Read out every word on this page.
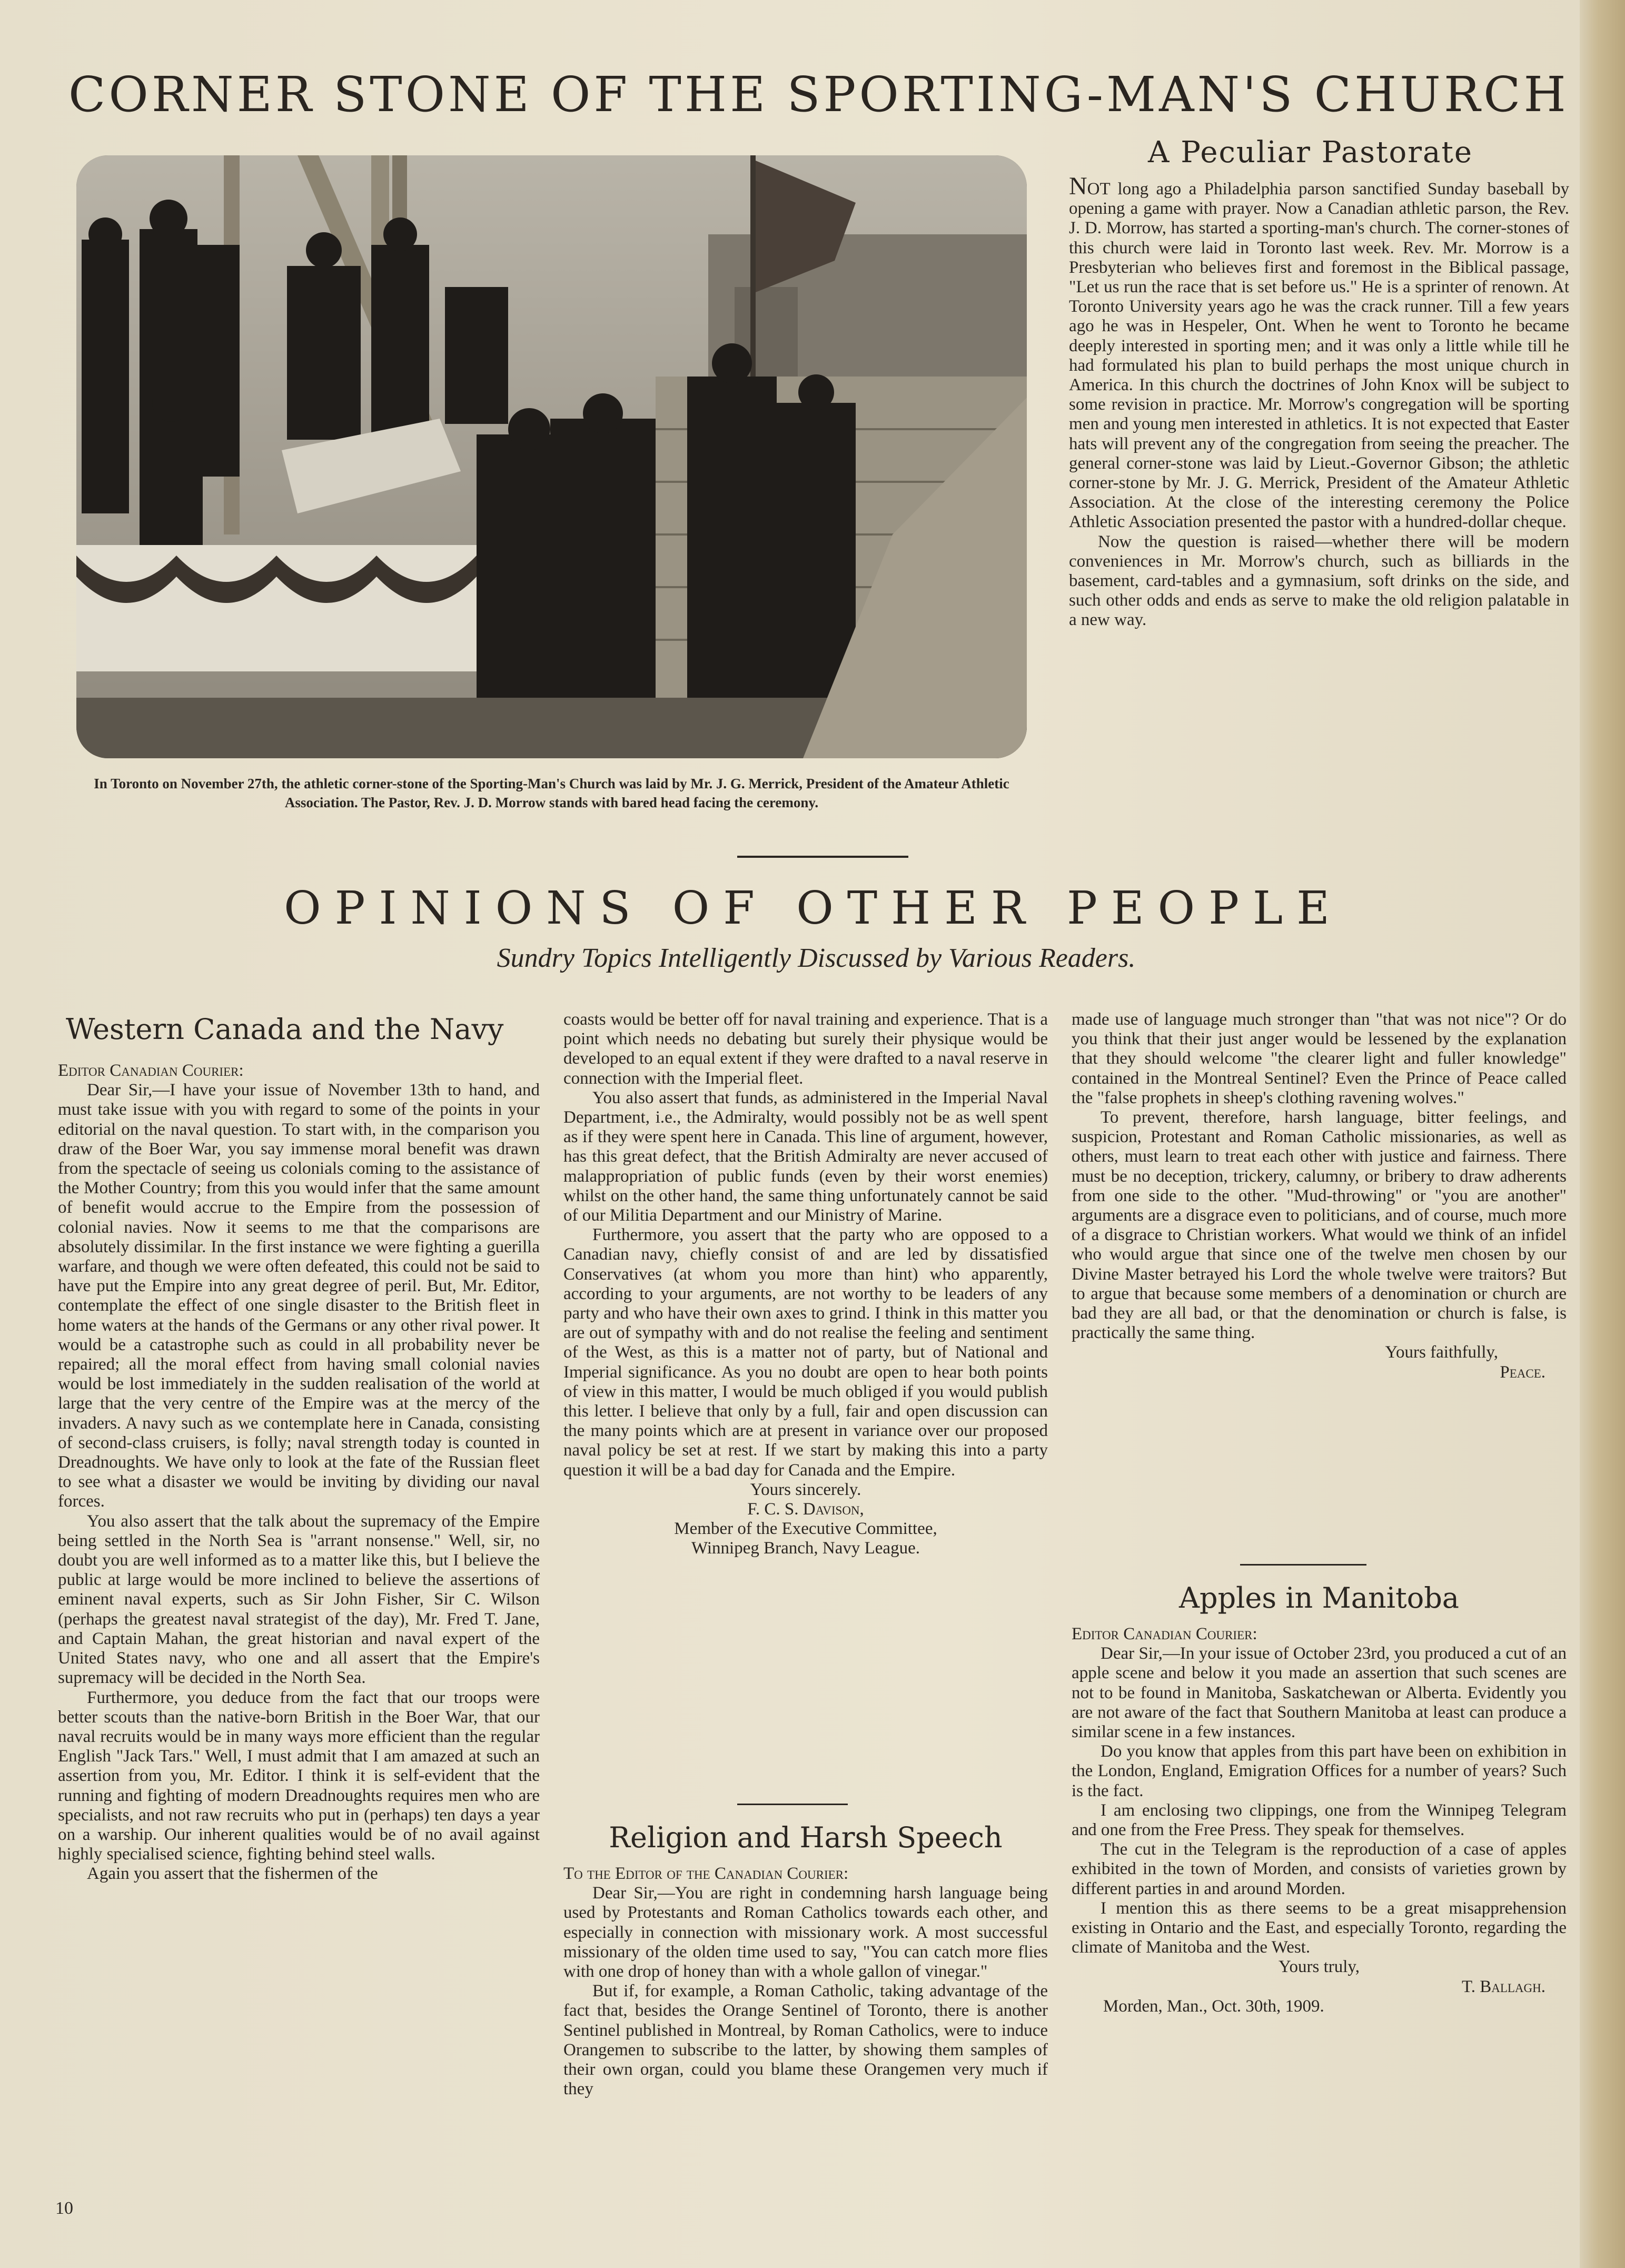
CORNER STONE OF THE SPORTING-MAN'S CHURCH
In Toronto on November 27th, the athletic corner-stone of the Sporting-Man's Church was laid by Mr. J. G. Merrick, President of the Amateur Athletic Association. The Pastor, Rev. J. D. Morrow stands with bared head facing the ceremony.
A Peculiar Pastorate

NOT long ago a Philadelphia parson sanctified Sunday baseball by opening a game with prayer. Now a Canadian athletic parson, the Rev. J. D. Morrow, has started a sporting-man's church. The corner-stones of this church were laid in Toronto last week. Rev. Mr. Morrow is a Presbyterian who believes first and foremost in the Biblical passage, "Let us run the race that is set before us." He is a sprinter of renown. At Toronto University years ago he was the crack runner. Till a few years ago he was in Hespeler, Ont. When he went to Toronto he became deeply interested in sporting men; and it was only a little while till he had formulated his plan to build perhaps the most unique church in America. In this church the doctrines of John Knox will be subject to some revision in practice. Mr. Morrow's congregation will be sporting men and young men interested in athletics. It is not expected that Easter hats will prevent any of the congregation from seeing the preacher. The general corner-stone was laid by Lieut.-Governor Gibson; the athletic corner-stone by Mr. J. G. Merrick, President of the Amateur Athletic Association. At the close of the interesting ceremony the Police Athletic Association presented the pastor with a hundred-dollar cheque.

Now the question is raised—whether there will be modern conveniences in Mr. Morrow's church, such as billiards in the basement, card-tables and a gymnasium, soft drinks on the side, and such other odds and ends as serve to make the old religion palatable in a new way.

OPINIONS OF OTHER PEOPLE
Sundry Topics Intelligently Discussed by Various Readers.
Western Canada and the Navy

Editor Canadian Courier:

Dear Sir,—I have your issue of November 13th to hand, and must take issue with you with regard to some of the points in your editorial on the naval question. To start with, in the comparison you draw of the Boer War, you say immense moral benefit was drawn from the spectacle of seeing us colonials coming to the assistance of the Mother Country; from this you would infer that the same amount of benefit would accrue to the Empire from the possession of colonial navies. Now it seems to me that the comparisons are absolutely dissimilar. In the first instance we were fighting a guerilla warfare, and though we were often defeated, this could not be said to have put the Empire into any great degree of peril. But, Mr. Editor, contemplate the effect of one single disaster to the British fleet in home waters at the hands of the Germans or any other rival power. It would be a catastrophe such as could in all probability never be repaired; all the moral effect from having small colonial navies would be lost immediately in the sudden realisation of the world at large that the very centre of the Empire was at the mercy of the invaders. A navy such as we contemplate here in Canada, consisting of second-class cruisers, is folly; naval strength today is counted in Dreadnoughts. We have only to look at the fate of the Russian fleet to see what a disaster we would be inviting by dividing our naval forces.

You also assert that the talk about the supremacy of the Empire being settled in the North Sea is "arrant nonsense." Well, sir, no doubt you are well informed as to a matter like this, but I believe the public at large would be more inclined to believe the assertions of eminent naval experts, such as Sir John Fisher, Sir C. Wilson (perhaps the greatest naval strategist of the day), Mr. Fred T. Jane, and Captain Mahan, the great historian and naval expert of the United States navy, who one and all assert that the Empire's supremacy will be decided in the North Sea.

Furthermore, you deduce from the fact that our troops were better scouts than the native-born British in the Boer War, that our naval recruits would be in many ways more efficient than the regular English "Jack Tars." Well, I must admit that I am amazed at such an assertion from you, Mr. Editor. I think it is self-evident that the running and fighting of modern Dreadnoughts requires men who are specialists, and not raw recruits who put in (perhaps) ten days a year on a warship. Our inherent qualities would be of no avail against highly specialised science, fighting behind steel walls.

Again you assert that the fishermen of the

coasts would be better off for naval training and experience. That is a point which needs no debating but surely their physique would be developed to an equal extent if they were drafted to a naval reserve in connection with the Imperial fleet.

You also assert that funds, as administered in the Imperial Naval Department, i.e., the Admiralty, would possibly not be as well spent as if they were spent here in Canada. This line of argument, however, has this great defect, that the British Admiralty are never accused of malappropriation of public funds (even by their worst enemies) whilst on the other hand, the same thing unfortunately cannot be said of our Militia Department and our Ministry of Marine.

Furthermore, you assert that the party who are opposed to a Canadian navy, chiefly consist of and are led by dissatisfied Conservatives (at whom you more than hint) who apparently, according to your arguments, are not worthy to be leaders of any party and who have their own axes to grind. I think in this matter you are out of sympathy with and do not realise the feeling and sentiment of the West, as this is a matter not of party, but of National and Imperial significance. As you no doubt are open to hear both points of view in this matter, I would be much obliged if you would publish this letter. I believe that only by a full, fair and open discussion can the many points which are at present in variance over our proposed naval policy be set at rest. If we start by making this into a party question it will be a bad day for Canada and the Empire.

Yours sincerely.

F. C. S. Davison,

Member of the Executive Committee,

Winnipeg Branch, Navy League.

Religion and Harsh Speech

To the Editor of the Canadian Courier:

Dear Sir,—You are right in condemning harsh language being used by Protestants and Roman Catholics towards each other, and especially in connection with missionary work. A most successful missionary of the olden time used to say, "You can catch more flies with one drop of honey than with a whole gallon of vinegar."

But if, for example, a Roman Catholic, taking advantage of the fact that, besides the Orange Sentinel of Toronto, there is another Sentinel published in Montreal, by Roman Catholics, were to induce Orangemen to subscribe to the latter, by showing them samples of their own organ, could you blame these Orangemen very much if they

made use of language much stronger than "that was not nice"? Or do you think that their just anger would be lessened by the explanation that they should welcome "the clearer light and fuller knowledge" contained in the Montreal Sentinel? Even the Prince of Peace called the "false prophets in sheep's clothing ravening wolves."

To prevent, therefore, harsh language, bitter feelings, and suspicion, Protestant and Roman Catholic missionaries, as well as others, must learn to treat each other with justice and fairness. There must be no deception, trickery, calumny, or bribery to draw adherents from one side to the other. "Mud-throwing" or "you are another" arguments are a disgrace even to politicians, and of course, much more of a disgrace to Christian workers. What would we think of an infidel who would argue that since one of the twelve men chosen by our Divine Master betrayed his Lord the whole twelve were traitors? But to argue that because some members of a denomination or church are bad they are all bad, or that the denomination or church is false, is practically the same thing.

Yours faithfully,

Peace.

Apples in Manitoba

Editor Canadian Courier:

Dear Sir,—In your issue of October 23rd, you produced a cut of an apple scene and below it you made an assertion that such scenes are not to be found in Manitoba, Saskatchewan or Alberta. Evidently you are not aware of the fact that Southern Manitoba at least can produce a similar scene in a few instances.

Do you know that apples from this part have been on exhibition in the London, England, Emigration Offices for a number of years? Such is the fact.

I am enclosing two clippings, one from the Winnipeg Telegram and one from the Free Press. They speak for themselves.

The cut in the Telegram is the reproduction of a case of apples exhibited in the town of Morden, and consists of varieties grown by different parties in and around Morden.

I mention this as there seems to be a great misapprehension existing in Ontario and the East, and especially Toronto, regarding the climate of Manitoba and the West.

Yours truly,

T. Ballagh.

Morden, Man., Oct. 30th, 1909.

10
